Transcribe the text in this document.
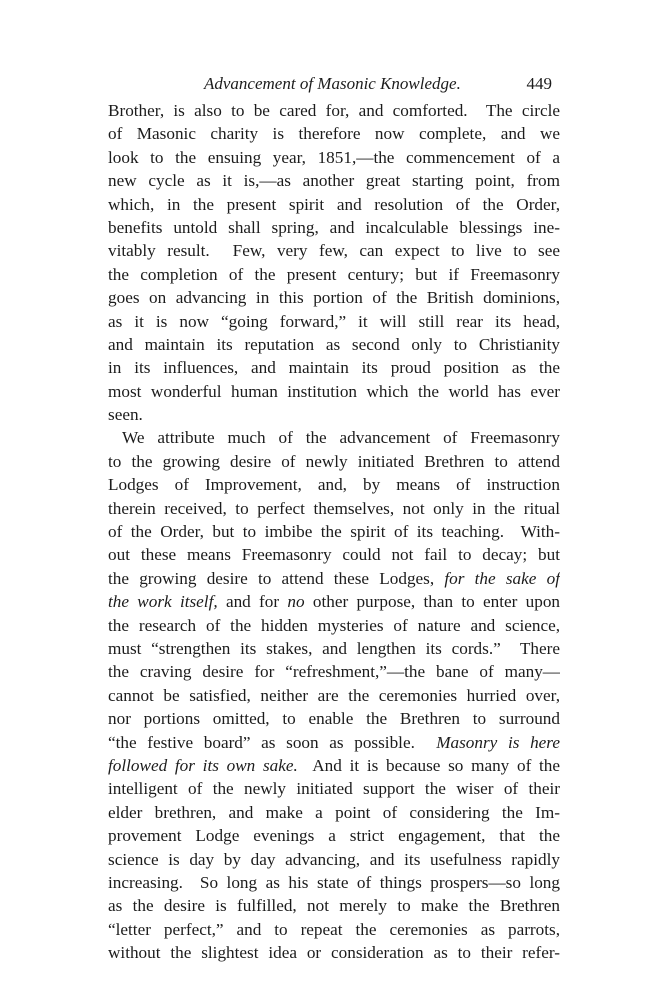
Advancement of Masonic Knowledge.	449
Brother, is also to be cared for, and comforted.  The circle
of Masonic charity is therefore now complete, and we
look to the ensuing year, 1851,—the commencement of a
new cycle as it is,—as another great starting point, from
which, in the present spirit and resolution of the Order,
benefits untold shall spring, and incalculable blessings ine-
vitably result.  Few, very few, can expect to live to see
the completion of the present century; but if Freemasonry
goes on advancing in this portion of the British dominions,
as it is now “going forward,” it will still rear its head,
and maintain its reputation as second only to Christianity
in its influences, and maintain its proud position as the
most wonderful human institution which the world has ever
seen.
We attribute much of the advancement of Freemasonry
to the growing desire of newly initiated Brethren to attend
Lodges of Improvement, and, by means of instruction
therein received, to perfect themselves, not only in the ritual
of the Order, but to imbibe the spirit of its teaching.  With-
out these means Freemasonry could not fail to decay; but
the growing desire to attend these Lodges, for the sake of
the work itself, and for no other purpose, than to enter upon
the research of the hidden mysteries of nature and science,
must “strengthen its stakes, and lengthen its cords.”  There
the craving desire for “refreshment,”—the bane of many—
cannot be satisfied, neither are the ceremonies hurried over,
nor portions omitted, to enable the Brethren to surround
“the festive board” as soon as possible.  Masonry is here
followed for its own sake.  And it is because so many of the
intelligent of the newly initiated support the wiser of their
elder brethren, and make a point of considering the Im-
provement Lodge evenings a strict engagement, that the
science is day by day advancing, and its usefulness rapidly
increasing.  So long as his state of things prospers—so long
as the desire is fulfilled, not merely to make the Brethren
“letter perfect,” and to repeat the ceremonies as parrots,
without the slightest idea or consideration as to their refer-
